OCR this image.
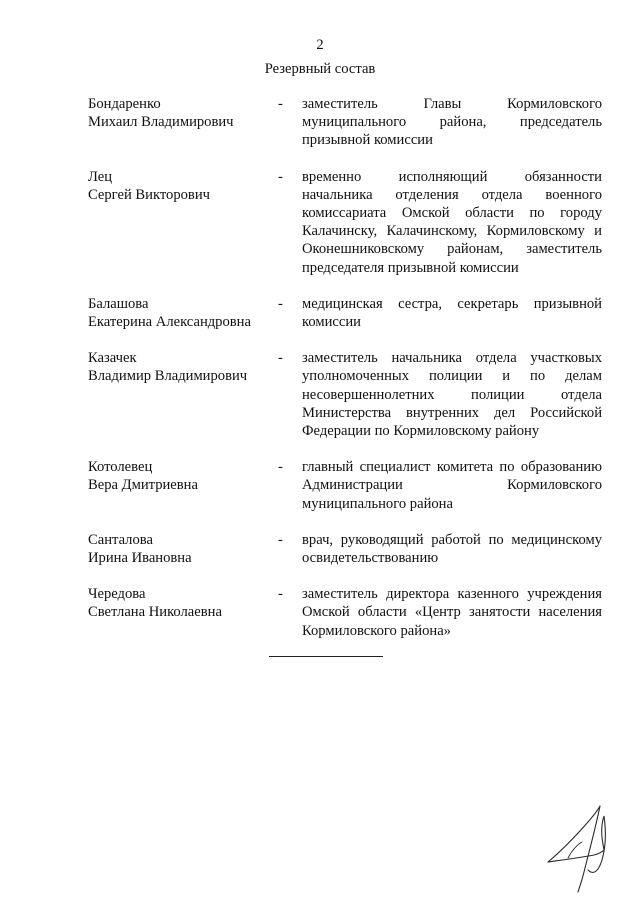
2
Резервный состав
Бондаренко
Михаил Владимирович
-	заместитель Главы Кормиловского муниципального района, председатель призывной комиссии
Лец
Сергей Викторович
-	временно исполняющий обязанности начальника отделения отдела военного комиссариата Омской области по городу Калачинску, Калачинскому, Кормиловскому и Оконешниковскому районам, заместитель председателя призывной комиссии
Балашова
Екатерина Александровна
-	медицинская сестра, секретарь призывной комиссии
Казачек
Владимир Владимирович
-	заместитель начальника отдела участковых уполномоченных полиции и по делам несовершеннолетних полиции отдела Министерства внутренних дел Российской Федерации по Кормиловскому району
Котолевец
Вера Дмитриевна
-	главный специалист комитета по образованию Администрации Кормиловского муниципального района
Санталова
Ирина Ивановна
-	врач, руководящий работой по медицинскому освидетельствованию
Чередова
Светлана Николаевна
-	заместитель директора казенного учреждения Омской области «Центр занятости населения Кормиловского района»
